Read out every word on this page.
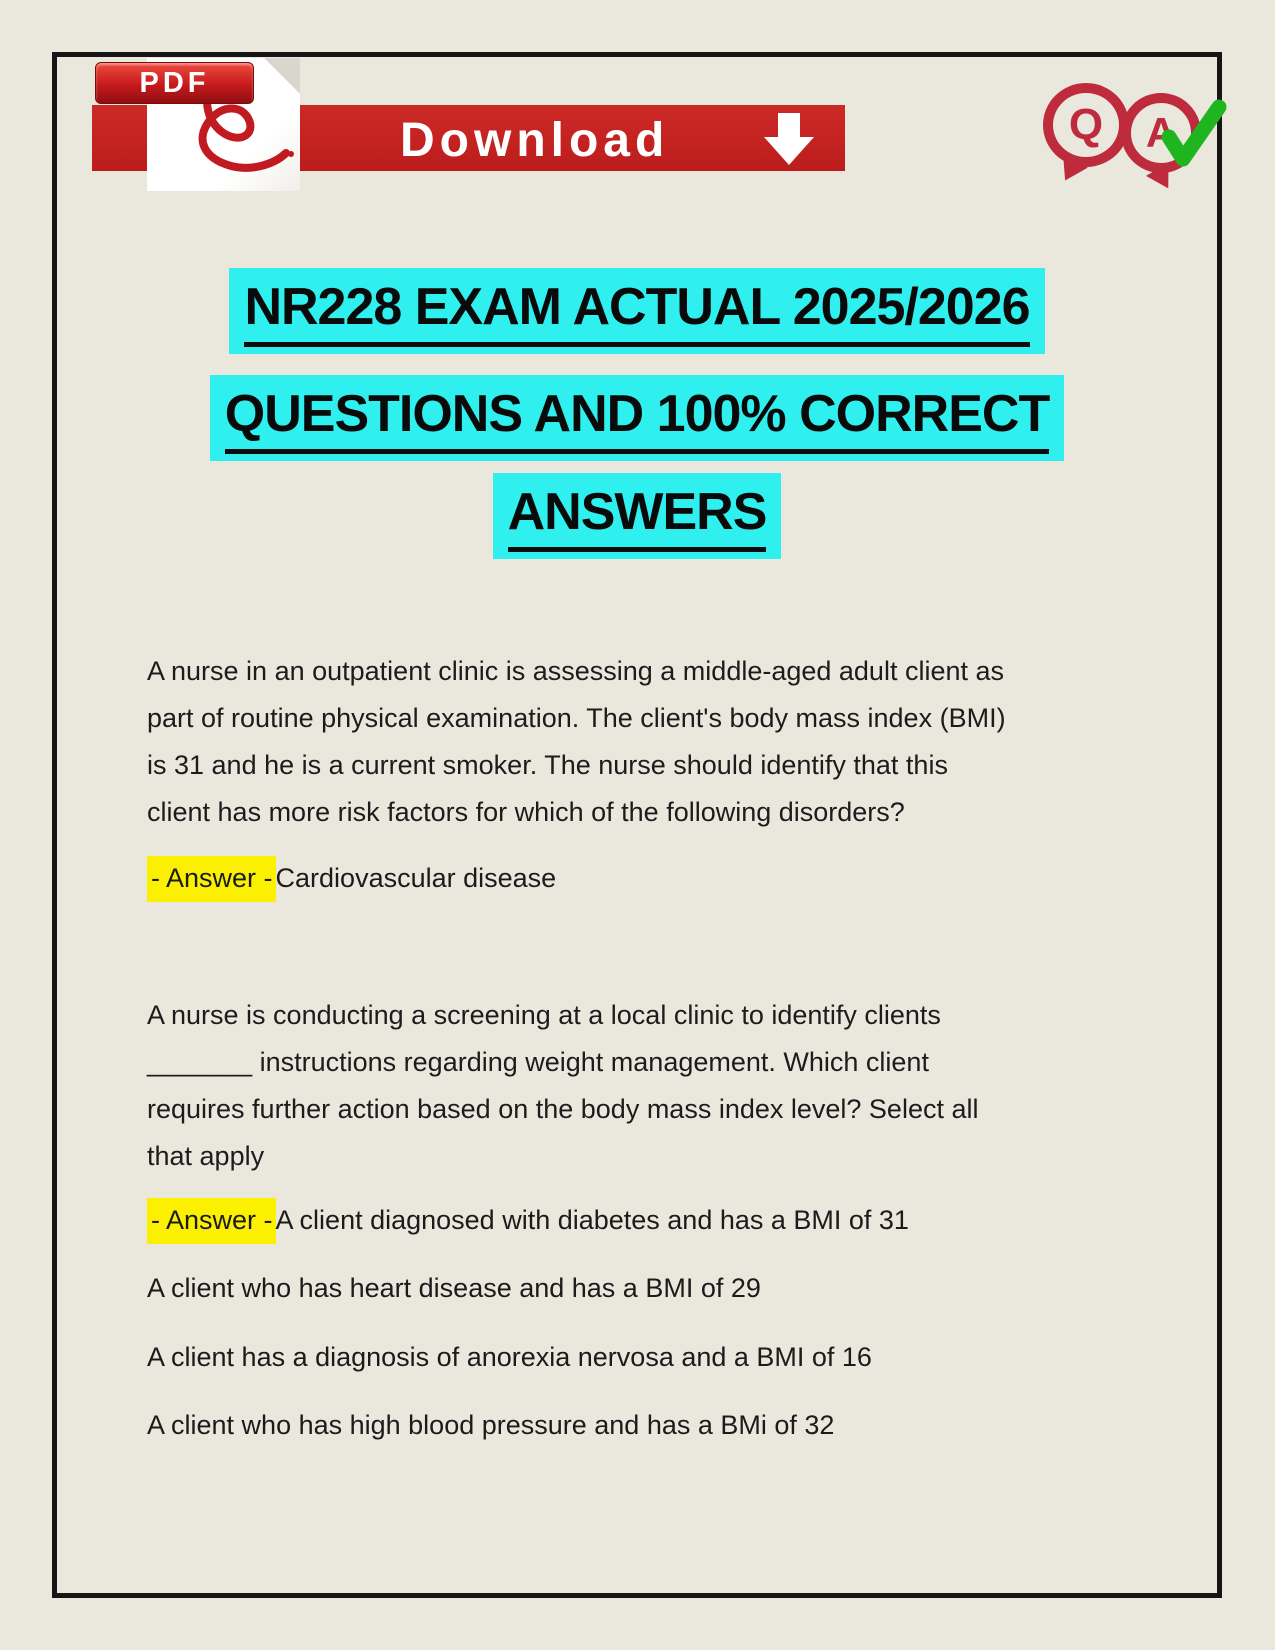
Download
PDF
Q A
NR228 EXAM ACTUAL 2025/2026
QUESTIONS AND 100% CORRECT
ANSWERS
A nurse in an outpatient clinic is assessing a middle-aged adult client as
part of routine physical examination. The client's body mass index (BMI)
is 31 and he is a current smoker. The nurse should identify that this
client has more risk factors for which of the following disorders?
- Answer - Cardiovascular disease
A nurse is conducting a screening at a local clinic to identify clients
_______ instructions regarding weight management. Which client
requires further action based on the body mass index level? Select all
that apply
- Answer - A client diagnosed with diabetes and has a BMI of 31
A client who has heart disease and has a BMI of 29
A client has a diagnosis of anorexia nervosa and a BMI of 16
A client who has high blood pressure and has a BMi of 32
